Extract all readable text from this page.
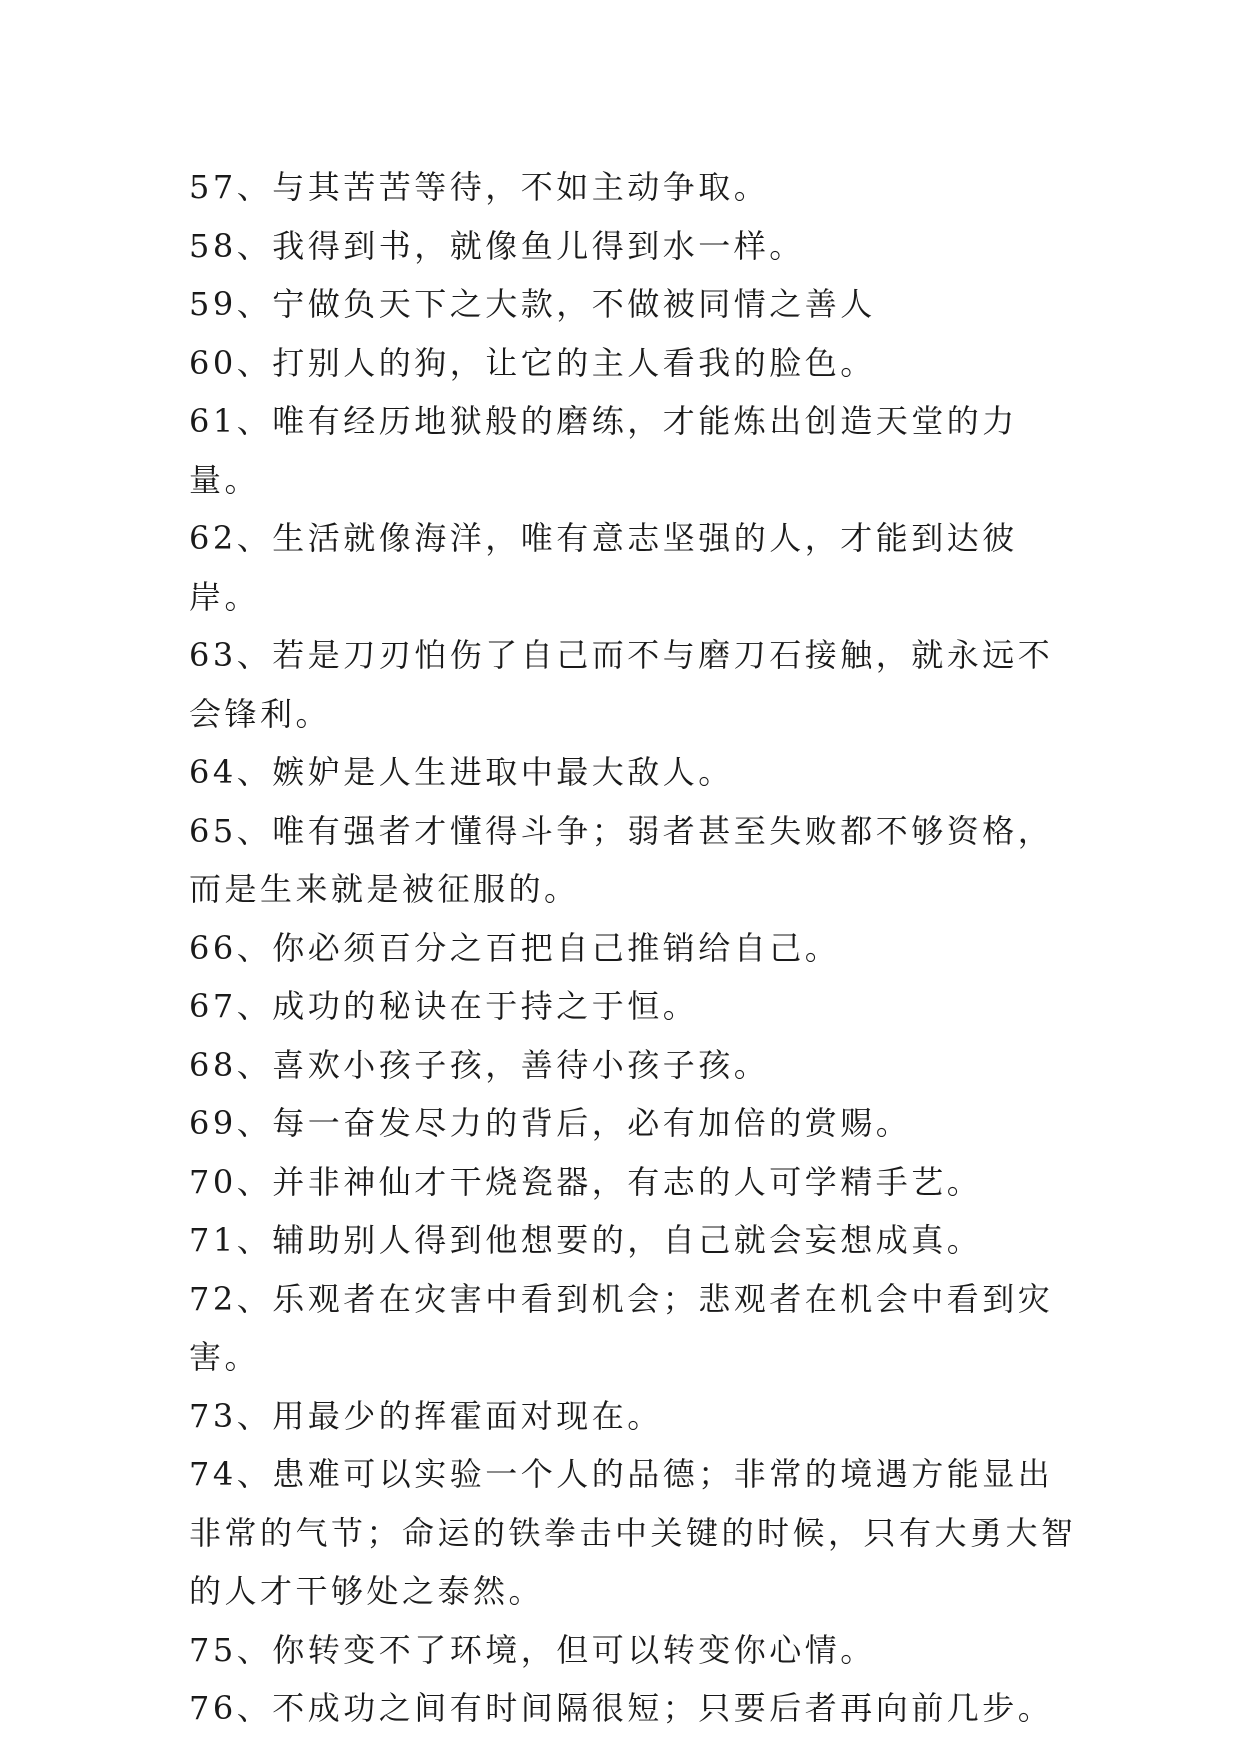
57、与其苦苦等待，不如主动争取。

58、我得到书，就像鱼儿得到水一样。

59、宁做负天下之大款，不做被同情之善人

60、打别人的狗，让它的主人看我的脸色。

61、唯有经历地狱般的磨练，才能炼出创造天堂的力量。

62、生活就像海洋，唯有意志坚强的人，才能到达彼岸。

63、若是刀刃怕伤了自己而不与磨刀石接触，就永远不会锋利。

64、嫉妒是人生进取中最大敌人。

65、唯有强者才懂得斗争；弱者甚至失败都不够资格，而是生来就是被征服的。

66、你必须百分之百把自己推销给自己。

67、成功的秘诀在于持之于恒。

68、喜欢小孩子孩，善待小孩子孩。

69、每一奋发尽力的背后，必有加倍的赏赐。

70、并非神仙才干烧瓷器，有志的人可学精手艺。

71、辅助别人得到他想要的，自己就会妄想成真。

72、乐观者在灾害中看到机会；悲观者在机会中看到灾害。

73、用最少的挥霍面对现在。

74、患难可以实验一个人的品德；非常的境遇方能显出非常的气节；命运的铁拳击中关键的时候，只有大勇大智的人才干够处之泰然。

75、你转变不了环境，但可以转变你心情。

76、不成功之间有时间隔很短；只要后者再向前几步。
